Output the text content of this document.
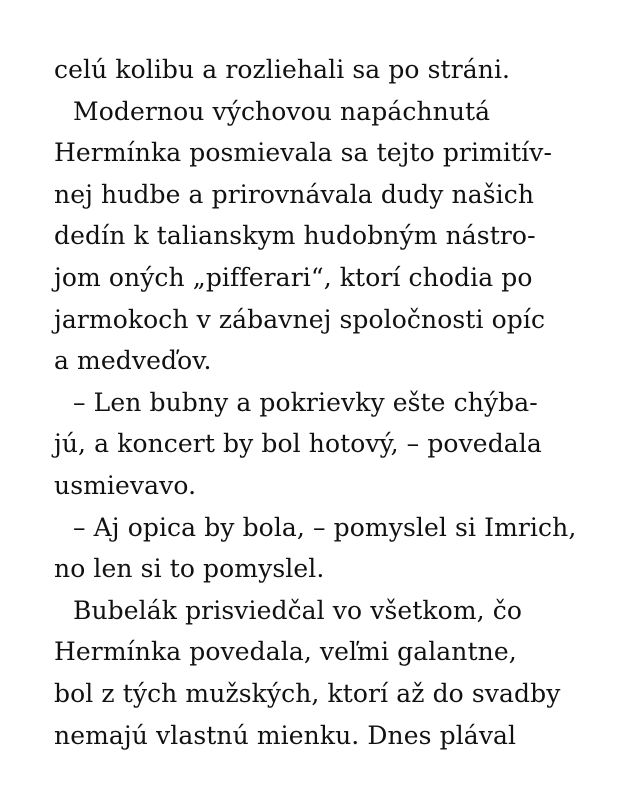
celú kolibu a rozliehali sa po stráni.
Modernou výchovou napáchnutá
Hermínka posmievala sa tejto primitív-
nej hudbe a prirovnávala dudy našich
dedín k talianskym hudobným nástro-
jom oných „pifferari“, ktorí chodia po
jarmokoch v zábavnej spoločnosti opíc
a medveďov.
– Len bubny a pokrievky ešte chýba-
jú, a koncert by bol hotový, – povedala
usmievavo.
– Aj opica by bola, – pomyslel si Imrich,
no len si to pomyslel.
Bubelák prisviedčal vo všetkom, čo
Hermínka povedala, veľmi galantne,
bol z tých mužských, ktorí až do svadby
nemajú vlastnú mienku. Dnes plával
